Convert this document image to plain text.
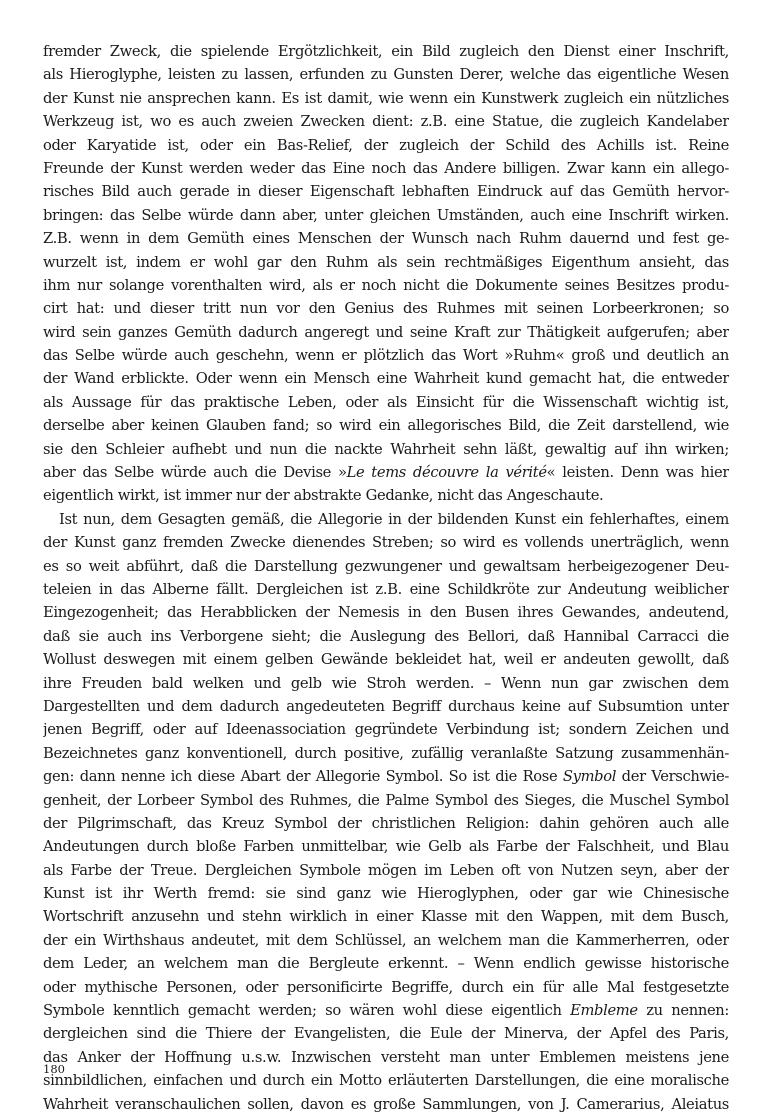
fremder Zweck, die spielende Ergötzlichkeit, ein Bild zugleich den Dienst einer Inschrift,
als Hieroglyphe, leisten zu lassen, erfunden zu Gunsten Derer, welche das eigentliche Wesen
der Kunst nie ansprechen kann. Es ist damit, wie wenn ein Kunstwerk zugleich ein nützliches
Werkzeug ist, wo es auch zweien Zwecken dient: z.B. eine Statue, die zugleich Kandelaber
oder Karyatide ist, oder ein Bas-Relief, der zugleich der Schild des Achills ist. Reine
Freunde der Kunst werden weder das Eine noch das Andere billigen. Zwar kann ein allego-
risches Bild auch gerade in dieser Eigenschaft lebhaften Eindruck auf das Gemüth hervor-
bringen: das Selbe würde dann aber, unter gleichen Umständen, auch eine Inschrift wirken.
Z.B. wenn in dem Gemüth eines Menschen der Wunsch nach Ruhm dauernd und fest ge-
wurzelt ist, indem er wohl gar den Ruhm als sein rechtmäßiges Eigenthum ansieht, das
ihm nur solange vorenthalten wird, als er noch nicht die Dokumente seines Besitzes produ-
cirt hat: und dieser tritt nun vor den Genius des Ruhmes mit seinen Lorbeerkronen; so
wird sein ganzes Gemüth dadurch angeregt und seine Kraft zur Thätigkeit aufgerufen; aber
das Selbe würde auch geschehn, wenn er plötzlich das Wort »Ruhm« groß und deutlich an
der Wand erblickte. Oder wenn ein Mensch eine Wahrheit kund gemacht hat, die entweder
als Aussage für das praktische Leben, oder als Einsicht für die Wissenschaft wichtig ist,
derselbe aber keinen Glauben fand; so wird ein allegorisches Bild, die Zeit darstellend, wie
sie den Schleier aufhebt und nun die nackte Wahrheit sehn läßt, gewaltig auf ihn wirken;
aber das Selbe würde auch die Devise »Le tems découvre la vérité« leisten. Denn was hier
eigentlich wirkt, ist immer nur der abstrakte Gedanke, nicht das Angeschaute.
Ist nun, dem Gesagten gemäß, die Allegorie in der bildenden Kunst ein fehlerhaftes, einem
der Kunst ganz fremden Zwecke dienendes Streben; so wird es vollends unerträglich, wenn
es so weit abführt, daß die Darstellung gezwungener und gewaltsam herbeigezogener Deu-
teleien in das Alberne fällt. Dergleichen ist z.B. eine Schildkröte zur Andeutung weiblicher
Eingezogenheit; das Herabblicken der Nemesis in den Busen ihres Gewandes, andeutend,
daß sie auch ins Verborgene sieht; die Auslegung des Bellori, daß Hannibal Carracci die
Wollust deswegen mit einem gelben Gewände bekleidet hat, weil er andeuten gewollt, daß
ihre Freuden bald welken und gelb wie Stroh werden. – Wenn nun gar zwischen dem
Dargestellten und dem dadurch angedeuteten Begriff durchaus keine auf Subsumtion unter
jenen Begriff, oder auf Ideenassociation gegründete Verbindung ist; sondern Zeichen und
Bezeichnetes ganz konventionell, durch positive, zufällig veranlaßte Satzung zusammenhän-
gen: dann nenne ich diese Abart der Allegorie Symbol. So ist die Rose Symbol der Verschwie-
genheit, der Lorbeer Symbol des Ruhmes, die Palme Symbol des Sieges, die Muschel Symbol
der Pilgrimschaft, das Kreuz Symbol der christlichen Religion: dahin gehören auch alle
Andeutungen durch bloße Farben unmittelbar, wie Gelb als Farbe der Falschheit, und Blau
als Farbe der Treue. Dergleichen Symbole mögen im Leben oft von Nutzen seyn, aber der
Kunst ist ihr Werth fremd: sie sind ganz wie Hieroglyphen, oder gar wie Chinesische
Wortschrift anzusehn und stehn wirklich in einer Klasse mit den Wappen, mit dem Busch,
der ein Wirthshaus andeutet, mit dem Schlüssel, an welchem man die Kammerherren, oder
dem Leder, an welchem man die Bergleute erkennt. – Wenn endlich gewisse historische
oder mythische Personen, oder personificirte Begriffe, durch ein für alle Mal festgesetzte
Symbole kenntlich gemacht werden; so wären wohl diese eigentlich Embleme zu nennen:
dergleichen sind die Thiere der Evangelisten, die Eule der Minerva, der Apfel des Paris,
das Anker der Hoffnung u.s.w. Inzwischen versteht man unter Emblemen meistens jene
sinnbildlichen, einfachen und durch ein Motto erläuterten Darstellungen, die eine moralische
Wahrheit veranschaulichen sollen, davon es große Sammlungen, von J. Camerarius, Aleiatus
180
